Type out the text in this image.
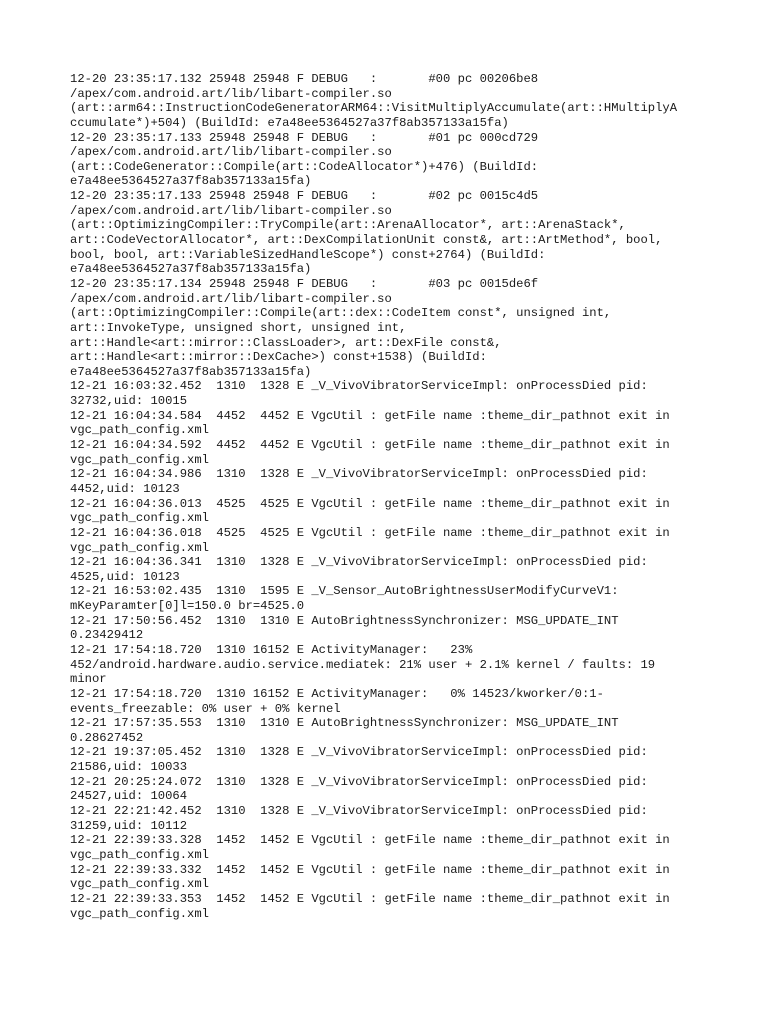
12-20 23:35:17.132 25948 25948 F DEBUG   :       #00 pc 00206be8
/apex/com.android.art/lib/libart-compiler.so
(art::arm64::InstructionCodeGeneratorARM64::VisitMultiplyAccumulate(art::HMultiplyA
ccumulate*)+504) (BuildId: e7a48ee5364527a37f8ab357133a15fa)
12-20 23:35:17.133 25948 25948 F DEBUG   :       #01 pc 000cd729
/apex/com.android.art/lib/libart-compiler.so
(art::CodeGenerator::Compile(art::CodeAllocator*)+476) (BuildId:
e7a48ee5364527a37f8ab357133a15fa)
12-20 23:35:17.133 25948 25948 F DEBUG   :       #02 pc 0015c4d5
/apex/com.android.art/lib/libart-compiler.so
(art::OptimizingCompiler::TryCompile(art::ArenaAllocator*, art::ArenaStack*,
art::CodeVectorAllocator*, art::DexCompilationUnit const&, art::ArtMethod*, bool,
bool, bool, art::VariableSizedHandleScope*) const+2764) (BuildId:
e7a48ee5364527a37f8ab357133a15fa)
12-20 23:35:17.134 25948 25948 F DEBUG   :       #03 pc 0015de6f
/apex/com.android.art/lib/libart-compiler.so
(art::OptimizingCompiler::Compile(art::dex::CodeItem const*, unsigned int,
art::InvokeType, unsigned short, unsigned int,
art::Handle<art::mirror::ClassLoader>, art::DexFile const&,
art::Handle<art::mirror::DexCache>) const+1538) (BuildId:
e7a48ee5364527a37f8ab357133a15fa)
12-21 16:03:32.452  1310  1328 E _V_VivoVibratorServiceImpl: onProcessDied pid:
32732,uid: 10015
12-21 16:04:34.584  4452  4452 E VgcUtil : getFile name :theme_dir_pathnot exit in
vgc_path_config.xml
12-21 16:04:34.592  4452  4452 E VgcUtil : getFile name :theme_dir_pathnot exit in
vgc_path_config.xml
12-21 16:04:34.986  1310  1328 E _V_VivoVibratorServiceImpl: onProcessDied pid:
4452,uid: 10123
12-21 16:04:36.013  4525  4525 E VgcUtil : getFile name :theme_dir_pathnot exit in
vgc_path_config.xml
12-21 16:04:36.018  4525  4525 E VgcUtil : getFile name :theme_dir_pathnot exit in
vgc_path_config.xml
12-21 16:04:36.341  1310  1328 E _V_VivoVibratorServiceImpl: onProcessDied pid:
4525,uid: 10123
12-21 16:53:02.435  1310  1595 E _V_Sensor_AutoBrightnessUserModifyCurveV1:
mKeyParamter[0]l=150.0 br=4525.0
12-21 17:50:56.452  1310  1310 E AutoBrightnessSynchronizer: MSG_UPDATE_INT
0.23429412
12-21 17:54:18.720  1310 16152 E ActivityManager:   23%
452/android.hardware.audio.service.mediatek: 21% user + 2.1% kernel / faults: 19
minor
12-21 17:54:18.720  1310 16152 E ActivityManager:   0% 14523/kworker/0:1-
events_freezable: 0% user + 0% kernel
12-21 17:57:35.553  1310  1310 E AutoBrightnessSynchronizer: MSG_UPDATE_INT
0.28627452
12-21 19:37:05.452  1310  1328 E _V_VivoVibratorServiceImpl: onProcessDied pid:
21586,uid: 10033
12-21 20:25:24.072  1310  1328 E _V_VivoVibratorServiceImpl: onProcessDied pid:
24527,uid: 10064
12-21 22:21:42.452  1310  1328 E _V_VivoVibratorServiceImpl: onProcessDied pid:
31259,uid: 10112
12-21 22:39:33.328  1452  1452 E VgcUtil : getFile name :theme_dir_pathnot exit in
vgc_path_config.xml
12-21 22:39:33.332  1452  1452 E VgcUtil : getFile name :theme_dir_pathnot exit in
vgc_path_config.xml
12-21 22:39:33.353  1452  1452 E VgcUtil : getFile name :theme_dir_pathnot exit in
vgc_path_config.xml
